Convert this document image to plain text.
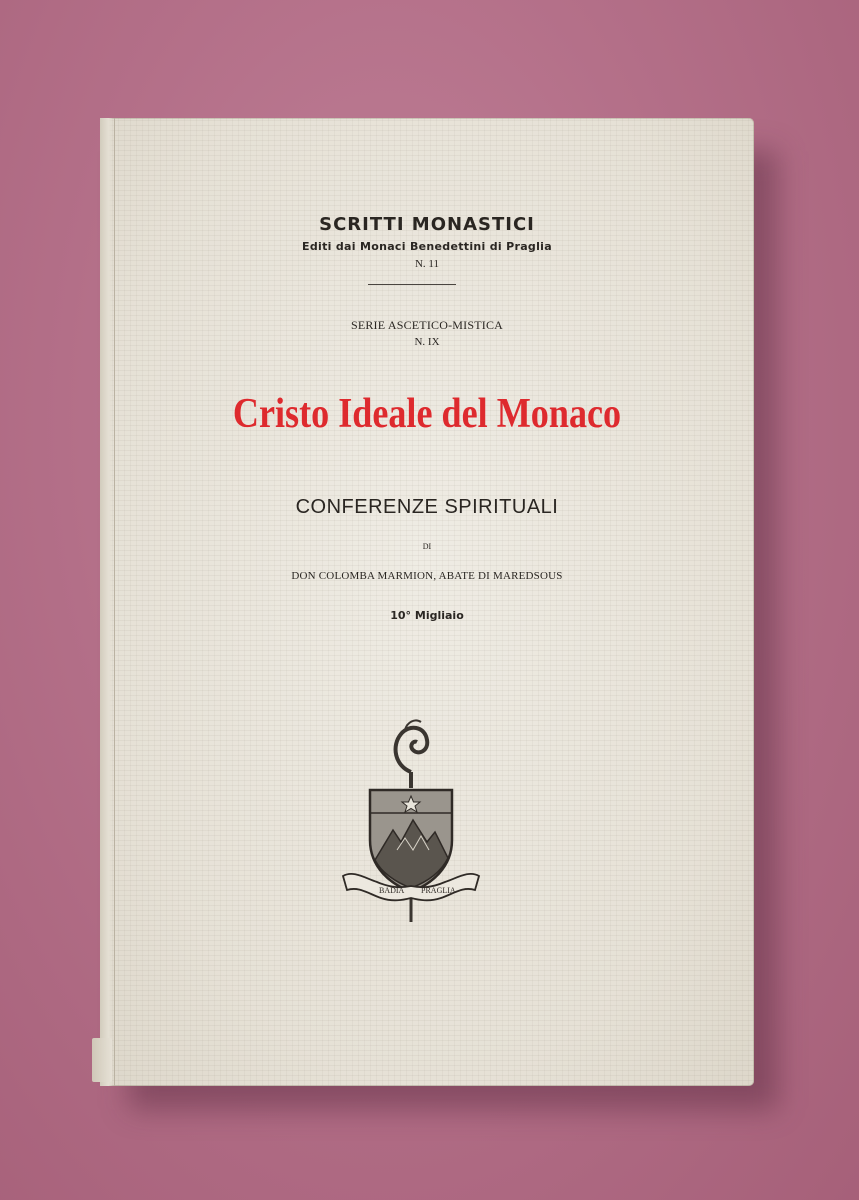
SCRITTI MONASTICI
Editi dai Monaci Benedettini di Praglia
N. 11
SERIE ASCETICO-MISTICA
N. IX
Cristo Ideale del Monaco
CONFERENZE SPIRITUALI
DI
DON COLOMBA MARMION, ABATE DI MAREDSOUS
10° Migliaio
BADIA PRAGLIA
